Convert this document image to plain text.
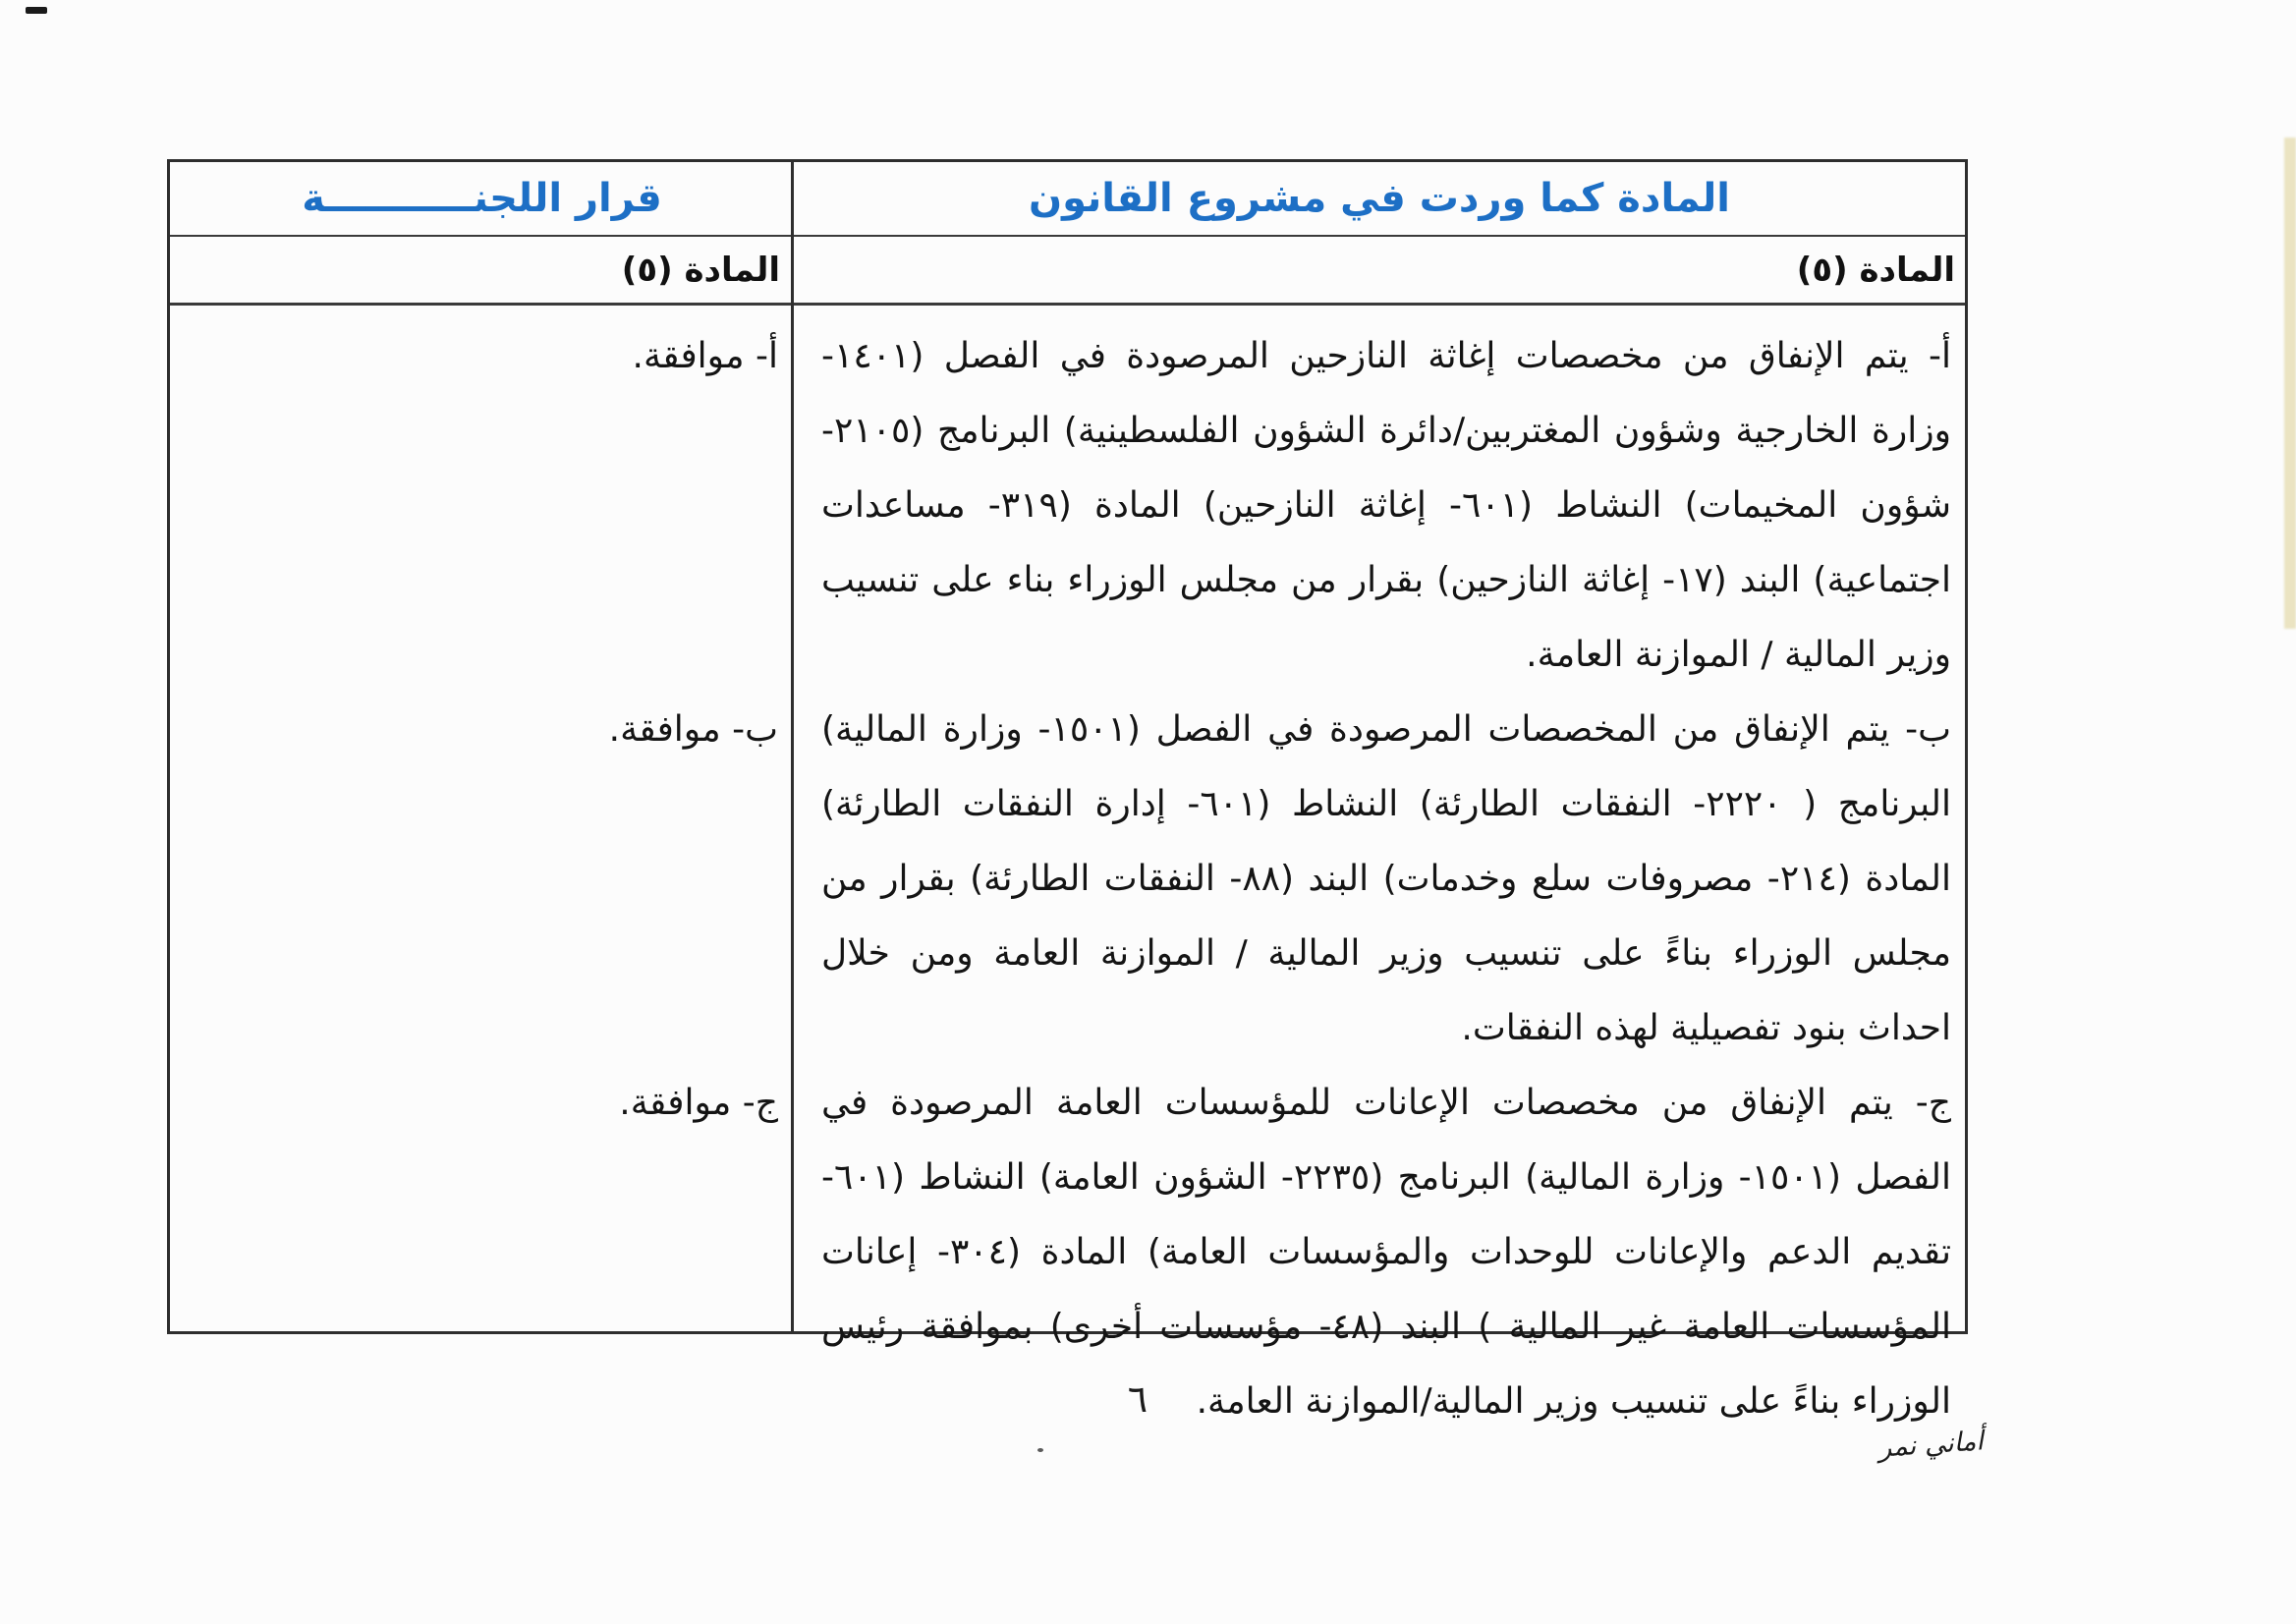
المادة كما وردت في مشروع القانون
قرار اللجنـــــــــــة
المادة (٥)
المادة (٥)
أ- يتم الإنفاق من مخصصات إغاثة النازحين المرصودة في الفصل (١٤٠١- وزارة الخارجية وشؤون المغتربين/دائرة الشؤون الفلسطينية) البرنامج (٢١٠٥- شؤون المخيمات) النشاط (٦٠١- إغاثة النازحين) المادة (٣١٩- مساعدات اجتماعية) البند (١٧- إغاثة النازحين) بقرار من مجلس الوزراء بناء على تنسيب وزير المالية / الموازنة العامة.
أ- موافقة.
ب- يتم الإنفاق من المخصصات المرصودة في الفصل (١٥٠١- وزارة المالية) البرنامج ( ٢٢٢٠- النفقات الطارئة) النشاط (٦٠١- إدارة النفقات الطارئة) المادة (٢١٤- مصروفات سلع وخدمات) البند (٨٨- النفقات الطارئة) بقرار من مجلس الوزراء بناءً على تنسيب وزير المالية / الموازنة العامة ومن خلال احداث بنود تفصيلية لهذه النفقات.
ب- موافقة.
ج- يتم الإنفاق من مخصصات الإعانات للمؤسسات العامة المرصودة في الفصل (١٥٠١- وزارة المالية) البرنامج (٢٢٣٥- الشؤون العامة) النشاط (٦٠١- تقديم الدعم والإعانات للوحدات والمؤسسات العامة) المادة (٣٠٤- إعانات المؤسسات العامة غير المالية ) البند (٤٨- مؤسسات أخرى) بموافقة رئيس الوزراء بناءً على تنسيب وزير المالية/الموازنة العامة.
ج- موافقة.
٦
أماني نمر
